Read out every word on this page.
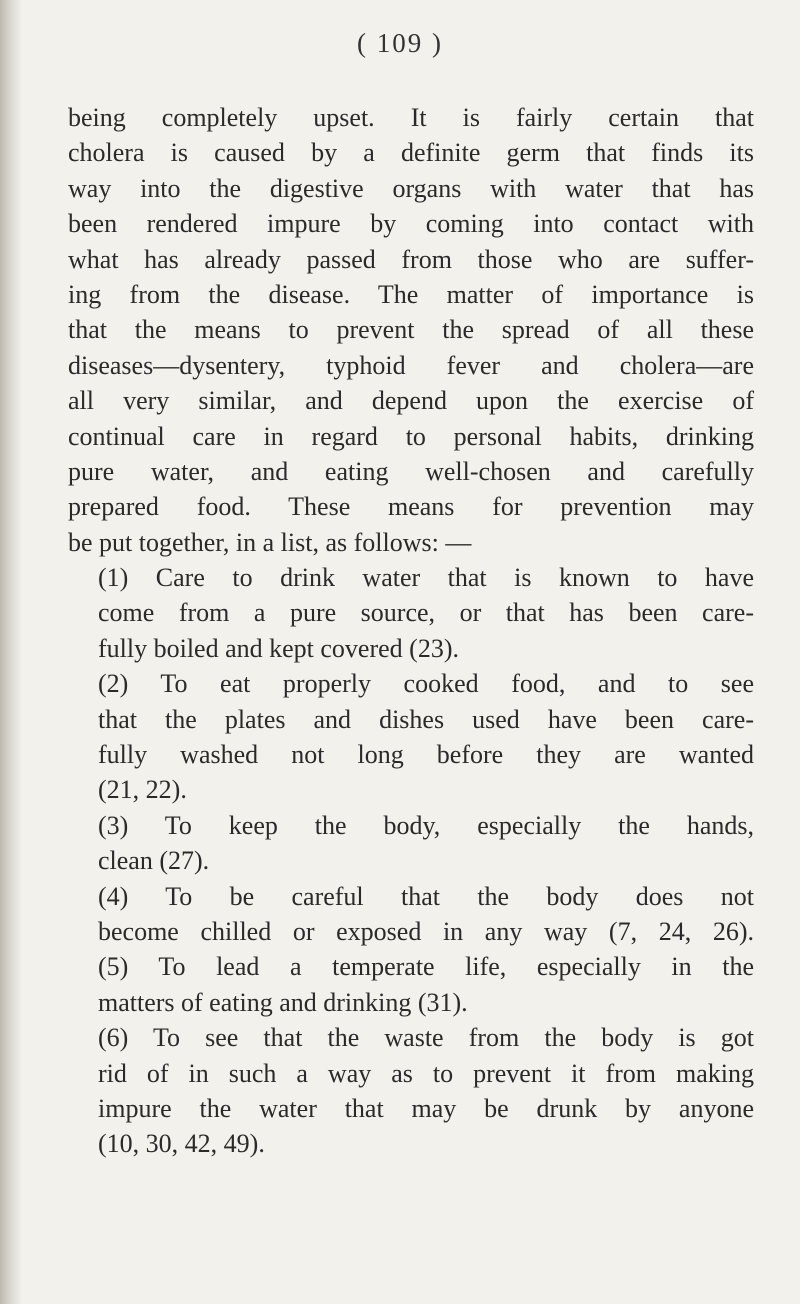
( 109 )
being completely upset. It is fairly certain that
cholera is caused by a definite germ that finds its
way into the digestive organs with water that has
been rendered impure by coming into contact with
what has already passed from those who are suffer-
ing from the disease. The matter of importance is
that the means to prevent the spread of all these
diseases—dysentery, typhoid fever and cholera—are
all very similar, and depend upon the exercise of
continual care in regard to personal habits, drinking
pure water, and eating well-chosen and carefully
prepared food. These means for prevention may
be put together, in a list, as follows: —
(1) Care to drink water that is known to have
come from a pure source, or that has been care-
fully boiled and kept covered (23).
(2) To eat properly cooked food, and to see
that the plates and dishes used have been care-
fully washed not long before they are wanted
(21, 22).
(3) To keep the body, especially the hands,
clean (27).
(4) To be careful that the body does not
become chilled or exposed in any way (7, 24, 26).
(5) To lead a temperate life, especially in the
matters of eating and drinking (31).
(6) To see that the waste from the body is got
rid of in such a way as to prevent it from making
impure the water that may be drunk by anyone
(10, 30, 42, 49).
